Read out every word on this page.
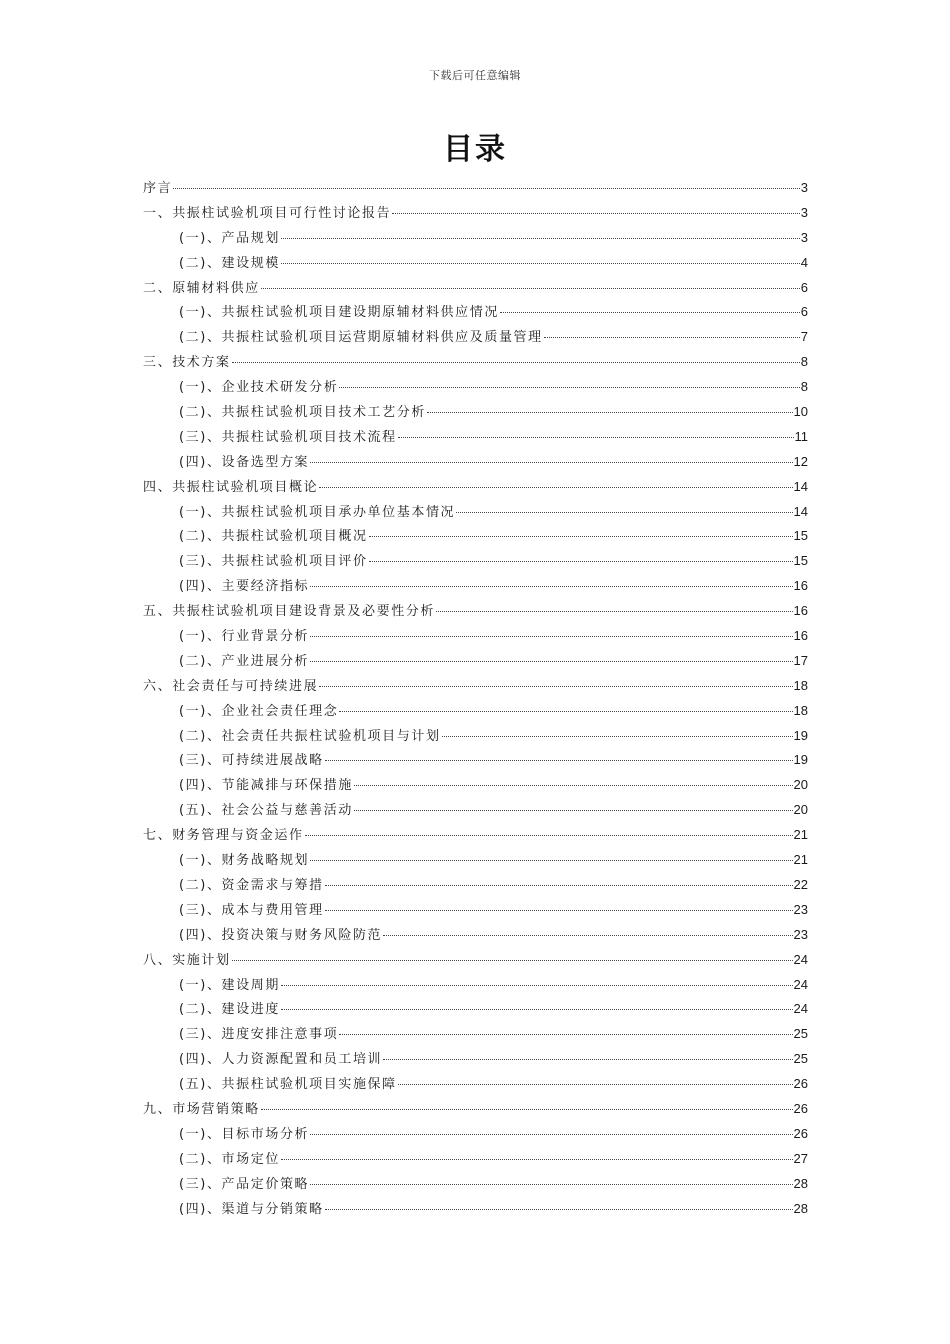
下载后可任意编辑
目录
序言	3
一、共振柱试验机项目可行性讨论报告	3
(一)、产品规划	3
(二)、建设规模	4
二、原辅材料供应	6
(一)、共振柱试验机项目建设期原辅材料供应情况	6
(二)、共振柱试验机项目运营期原辅材料供应及质量管理	7
三、技术方案	8
(一)、企业技术研发分析	8
(二)、共振柱试验机项目技术工艺分析	10
(三)、共振柱试验机项目技术流程	11
(四)、设备选型方案	12
四、共振柱试验机项目概论	14
(一)、共振柱试验机项目承办单位基本情况	14
(二)、共振柱试验机项目概况	15
(三)、共振柱试验机项目评价	15
(四)、主要经济指标	16
五、共振柱试验机项目建设背景及必要性分析	16
(一)、行业背景分析	16
(二)、产业进展分析	17
六、社会责任与可持续进展	18
(一)、企业社会责任理念	18
(二)、社会责任共振柱试验机项目与计划	19
(三)、可持续进展战略	19
(四)、节能减排与环保措施	20
(五)、社会公益与慈善活动	20
七、财务管理与资金运作	21
(一)、财务战略规划	21
(二)、资金需求与筹措	22
(三)、成本与费用管理	23
(四)、投资决策与财务风险防范	23
八、实施计划	24
(一)、建设周期	24
(二)、建设进度	24
(三)、进度安排注意事项	25
(四)、人力资源配置和员工培训	25
(五)、共振柱试验机项目实施保障	26
九、市场营销策略	26
(一)、目标市场分析	26
(二)、市场定位	27
(三)、产品定价策略	28
(四)、渠道与分销策略	28
